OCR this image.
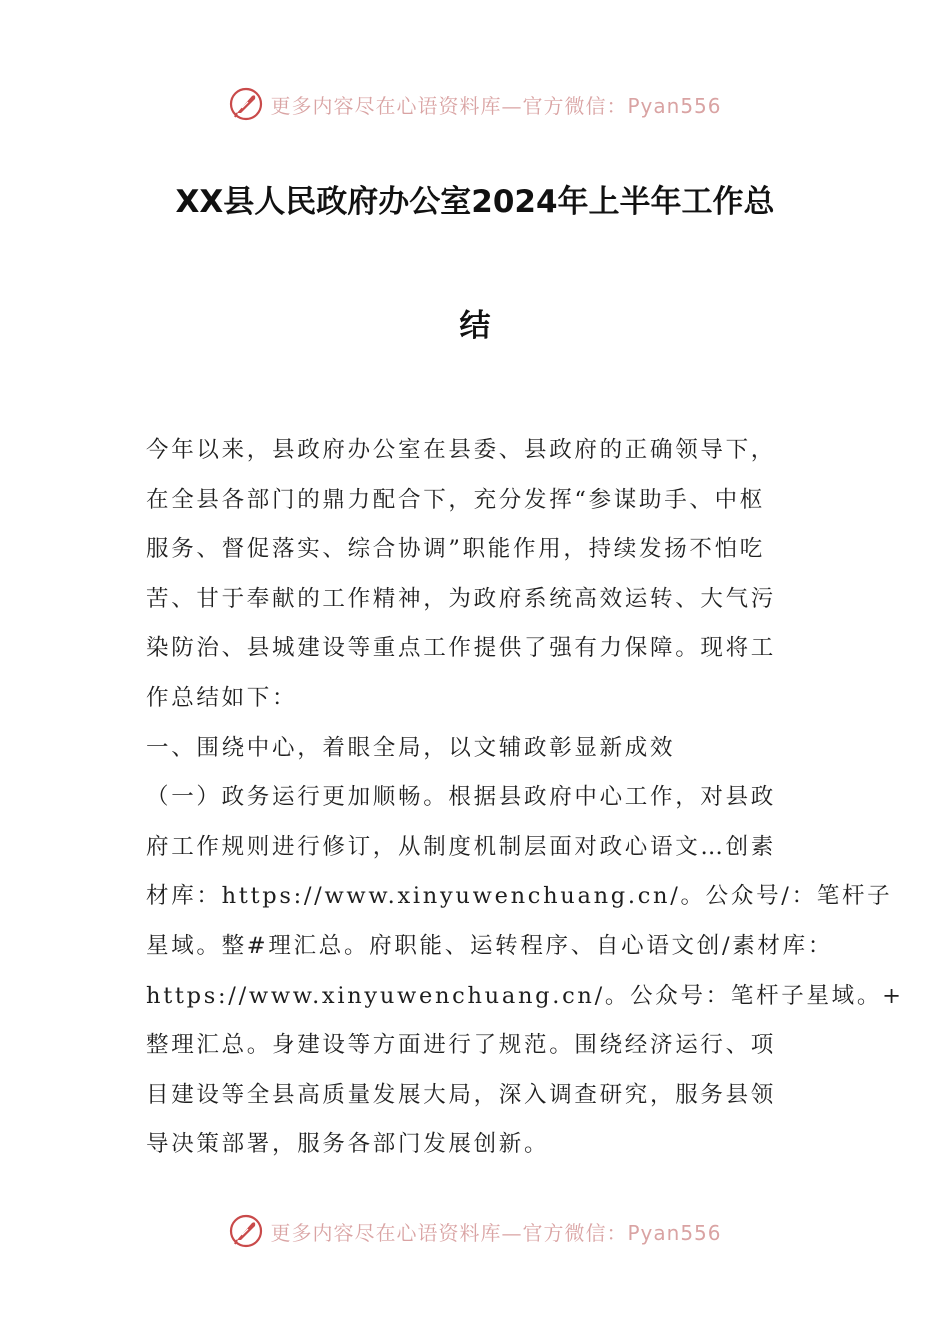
更多内容尽在心语资料库—官方微信：Pyan556
XX县人民政府办公室2024年上半年工作总
结
今年以来，县政府办公室在县委、县政府的正确领导下，
在全县各部门的鼎力配合下，充分发挥“参谋助手、中枢
服务、督促落实、综合协调”职能作用，持续发扬不怕吃
苦、甘于奉献的工作精神，为政府系统高效运转、大气污
染防治、县城建设等重点工作提供了强有力保障。现将工
作总结如下：
一、围绕中心，着眼全局，以文辅政彰显新成效
（一）政务运行更加顺畅。根据县政府中心工作，对县政
府工作规则进行修订，从制度机制层面对政心语文…创素
材库：https://www.xinyuwenchuang.cn/。公众号/：笔杆子
星域。整#理汇总。府职能、运转程序、自心语文创/素材库：
https://www.xinyuwenchuang.cn/。公众号：笔杆子星域。+
整理汇总。身建设等方面进行了规范。围绕经济运行、项
目建设等全县高质量发展大局，深入调查研究，服务县领
导决策部署，服务各部门发展创新。
更多内容尽在心语资料库—官方微信：Pyan556
